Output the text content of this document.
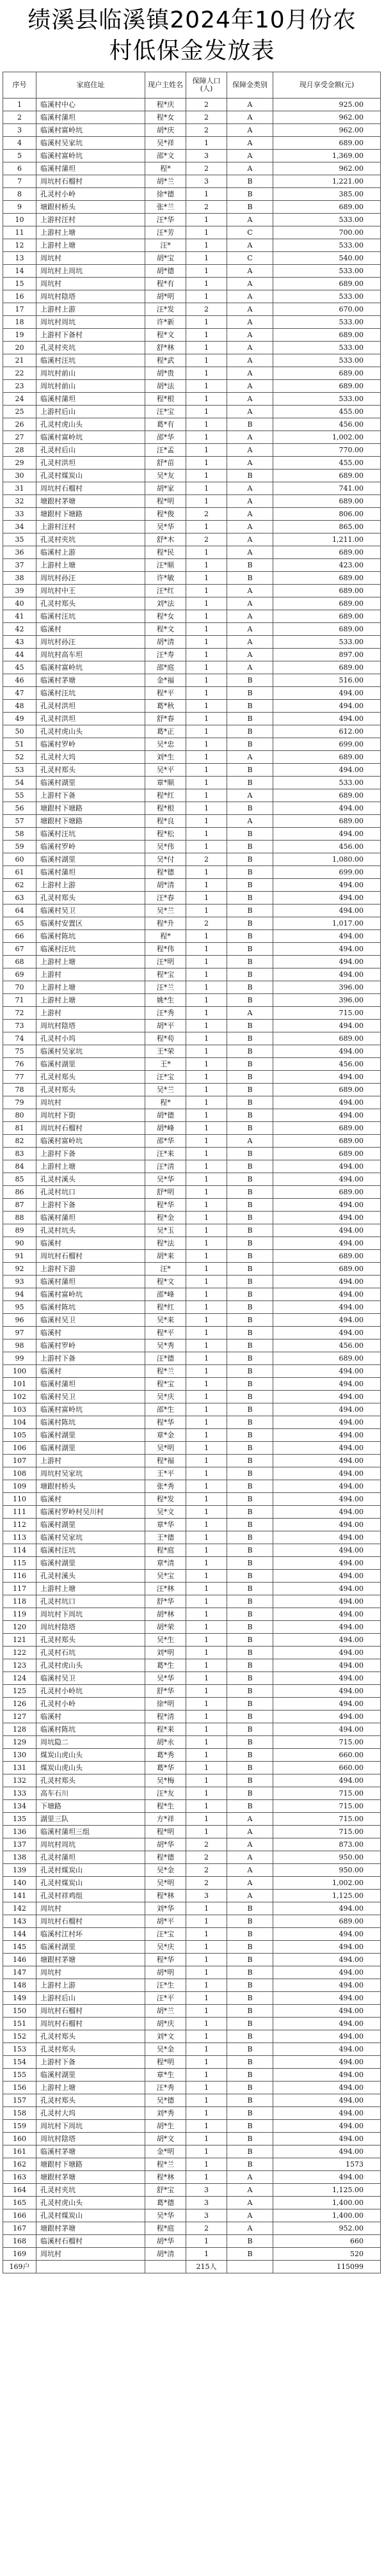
绩溪县临溪镇2024年10月份农村低保金发放表
序号	家庭住址	现户主姓名	保障人口(人)	保障金类别	现月享受金额(元)
1	临溪村中心	程*庆	2	A	925.00
2	临溪村蒲坦	程*女	2	A	962.00
3	临溪村富岭坑	胡*庆	2	A	962.00
4	临溪村吴家坑	吴*祥	1	A	689.00
5	临溪村富岭坑	邵*文	3	A	1,369.00
6	临溪村蒲坦	程*	2	A	962.00
7	周坑村石榴村	胡*兰	3	B	1,221.00
8	孔灵村小岭	徐*德	1	B	385.00
9	塘跟村桥头	张*兰	2	B	689.00
10	上游村汪村	汪*华	1	A	533.00
11	上游村上塘	汪*芳	1	C	700.00
12	上游村上塘	汪*	1	A	533.00
13	周坑村	胡*宝	1	C	540.00
14	周坑村上周坑	胡*德	1	A	533.00
15	周坑村	程*有	1	A	689.00
16	周坑村陰塔	胡*明	1	A	533.00
17	上游村上游	汪*发	2	A	670.00
18	周坑村周坑	许*新	1	A	533.00
19	上游村下备村	程*文	1	A	689.00
20	孔灵村夹坑	舒*林	1	A	533.00
21	临溪村汪坑	程*武	1	A	533.00
22	周坑村前山	胡*贵	1	A	689.00
23	周坑村前山	胡*法	1	A	689.00
24	临溪村蒲坦	程*根	1	A	533.00
25	上游村后山	汪*宝	1	A	455.00
26	孔灵村虎山头	葛*有	1	B	456.00
27	临溪村富岭坑	邵*华	1	A	1,002.00
28	孔灵村后山	汪*孟	1	A	770.00
29	孔灵村洪坦	舒*苗	1	A	455.00
30	孔灵村煤炭山	吴*友	1	B	689.00
31	周坑村石榴村	胡*家	1	A	741.00
32	塘跟村茅塘	程*明	1	A	689.00
33	塘跟村下塘路	程*俊	2	A	806.00
34	上游村汪村	吴*华	1	A	865.00
35	孔灵村夹坑	舒*木	2	A	1,211.00
36	临溪村上游	程*民	1	A	689.00
37	上游村上塘	汪*顺	1	B	423.00
38	周坑村孙汪	许*敏	1	B	689.00
39	周坑村中王	汪*红	1	A	689.00
40	孔灵村郑头	刘*法	1	A	689.00
41	临溪村汪坑	程*女	1	A	689.00
42	临溪村	程*文	1	A	689.00
43	周坑村孙汪	胡*清	1	A	533.00
44	周坑村高车坦	汪*寿	1	A	897.00
45	临溪村富岭坑	邵*庭	1	A	689.00
46	临溪村茅塘	金*福	1	B	516.00
47	临溪村汪坑	程*平	1	B	494.00
48	孔灵村洪坦	葛*秋	1	B	494.00
49	孔灵村洪坦	舒*春	1	B	494.00
50	孔灵村虎山头	葛*正	1	B	612.00
51	临溪村罗岭	吴*忠	1	B	699.00
52	孔灵村大坞	刘*生	1	A	689.00
53	孔灵村郑头	吴*平	1	B	494.00
54	临溪村湖里	章*顺	1	B	533.00
55	上游村下备	程*红	1	A	689.00
56	塘跟村下塘路	程*根	1	B	494.00
57	塘跟村下塘路	程*良	1	A	689.00
58	临溪村汪坑	程*松	1	B	494.00
59	临溪村罗岭	吴*伟	1	B	456.00
60	临溪村湖里	吴*付	2	B	1,080.00
61	临溪村蒲坦	程*德	1	B	699.00
62	上游村上游	胡*清	1	B	494.00
63	孔灵村郑头	汪*春	1	B	494.00
64	临溪村吴卫	吴*兰	1	B	494.00
65	临溪村安置区	程*升	2	B	1,017.00
66	临溪村陈坑	程*	1	B	494.00
67	临溪村汪坑	程*伟	1	B	494.00
68	上游村上塘	汪*明	1	B	494.00
69	上游村	程*宝	1	B	494.00
70	上游村上塘	汪*兰	1	B	396.00
71	上游村上塘	姚*生	1	B	396.00
72	上游村	汪*秀	1	A	715.00
73	周坑村陰塔	胡*平	1	B	494.00
74	孔灵村小坞	程*苟	1	B	689.00
75	临溪村吴家坑	王*荣	1	B	494.00
76	临溪村湖里	王*	1	B	456.00
77	孔灵村郑头	汪*宝	1	B	494.00
78	孔灵村郑头	吴*兰	1	B	689.00
79	周坑村	程*	1	B	494.00
80	周坑村下街	胡*德	1	B	494.00
81	周坑村石榴村	胡*峰	1	B	689.00
82	临溪村富岭坑	邵*华	1	A	689.00
83	上游村下备	汪*来	1	B	689.00
84	上游村上塘	汪*清	1	B	494.00
85	孔灵村溪头	吴*华	1	B	494.00
86	孔灵村坑口	舒*明	1	B	689.00
87	上游村下备	程*华	1	B	494.00
88	临溪村蒲坦	程*金	1	B	494.00
89	孔灵村坑头	吴*玉	1	B	494.00
90	临溪村	程*法	1	B	494.00
91	周坑村石榴村	胡*来	1	B	689.00
92	上游村下游	汪*	1	B	689.00
93	临溪村蒲坦	程*文	1	B	494.00
94	临溪村富岭坑	邵*峰	1	B	494.00
95	临溪村陈坑	程*红	1	B	494.00
96	临溪村吴卫	吴*来	1	B	494.00
97	临溪村	程*平	1	B	494.00
98	临溪村罗岭	吴*秀	1	B	456.00
99	上游村下备	汪*德	1	B	689.00
100	临溪村	程*兰	1	B	494.00
101	临溪村蒲坦	程*宝	1	B	494.00
102	临溪村吴卫	吴*庆	1	B	494.00
103	临溪村富岭坑	邵*生	1	B	494.00
104	临溪村陈坑	程*华	1	B	494.00
105	临溪村湖里	章*金	1	B	494.00
106	临溪村湖里	吴*明	1	B	494.00
107	上游村	程*福	1	B	494.00
108	周坑村吴家坑	王*平	1	B	494.00
109	塘跟村桥头	张*秀	1	B	494.00
110	临溪村	程*发	1	B	494.00
111	临溪村罗岭村吴川村	吴*文	1	B	494.00
112	临溪村湖里	章*华	1	B	494.00
113	临溪村吴家坑	王*德	1	B	494.00
114	临溪村汪坑	程*庭	1	B	494.00
115	临溪村湖里	章*清	1	B	494.00
116	孔灵村溪头	吴*宝	1	B	494.00
117	上游村上塘	汪*林	1	B	494.00
118	孔灵村坑口	舒*华	1	B	494.00
119	周坑村下周坑	胡*林	1	B	494.00
120	周坑村陰塔	胡*荣	1	B	494.00
121	孔灵村郑头	吴*生	1	B	494.00
122	孔灵村石坑	刘*明	1	B	494.00
123	孔灵村虎山头	葛*生	1	B	494.00
124	临溪村吴卫	吴*华	1	B	494.00
125	孔灵村小岭坑	舒*华	1	B	494.00
126	孔灵村小岭	徐*明	1	B	494.00
127	临溪村	程*清	1	B	494.00
128	临溪村陈坑	程*来	1	B	494.00
129	周坑隐二	胡*永	1	B	715.00
130	煤炭山虎山头	葛*秀	1	B	660.00
131	煤炭山虎山头	葛*华	1	B	660.00
132	孔灵村郑头	吴*梅	1	B	494.00
133	高车石川	汪*友	1	B	715.00
134	下塘路	程*生	1	B	715.00
135	湖里三队	方*祥	1	A	715.00
136	临溪村蒲坦三组	程*明	1	A	715.00
137	周坑村周坑	胡*华	2	A	873.00
138	孔灵村蒲坦	程*德	2	A	950.00
139	孔灵村煤炭山	吴*金	2	A	950.00
140	孔灵村煤炭山	吴*明	2	A	1,002.00
141	孔灵村祥鸡组	程*林	3	A	1,125.00
142	周坑村	刘*华	1	B	494.00
143	周坑村石榴村	胡*平	1	B	689.00
144	临溪村江村坏	汪*宝	1	B	494.00
145	临溪村湖里	吴*庆	1	B	494.00
146	塘跟村茅塘	程*华	1	B	494.00
147	周坑村	胡*明	1	B	494.00
148	上游村上游	汪*生	1	B	494.00
149	上游村后山	汪*平	1	B	494.00
150	周坑村石榴村	胡*兰	1	B	494.00
151	周坑村石榴村	胡*庆	1	B	494.00
152	孔灵村郑头	刘*文	1	B	494.00
153	孔灵村郑头	吴*金	1	B	494.00
154	上游村下备	程*明	1	B	494.00
155	临溪村湖里	章*生	1	B	494.00
156	上游村上塘	汪*秀	1	B	494.00
157	孔灵村郑头	吴*德	1	B	494.00
158	孔灵村大坞	刘*秀	1	B	494.00
159	周坑村下周坑	胡*生	1	B	494.00
160	周坑村陰塔	胡*文	1	B	494.00
161	临溪村茅塘	金*明	1	B	494.00
162	塘跟村下塘路	程*兰	1	B	1573
163	塘跟村茅塘	程*林	1	A	494.00
164	孔灵村夹坑	舒*宝	3	A	1,125.00
165	孔灵村虎山头	葛*德	3	A	1,400.00
166	孔灵村煤炭山	吴*华	3	A	1,400.00
167	塘跟村茅塘	程*庭	2	A	952.00
168	临溪村石榴村	胡*华	1	B	660
169	周坑村	胡*清	1	B	520
169户			215人		115099
